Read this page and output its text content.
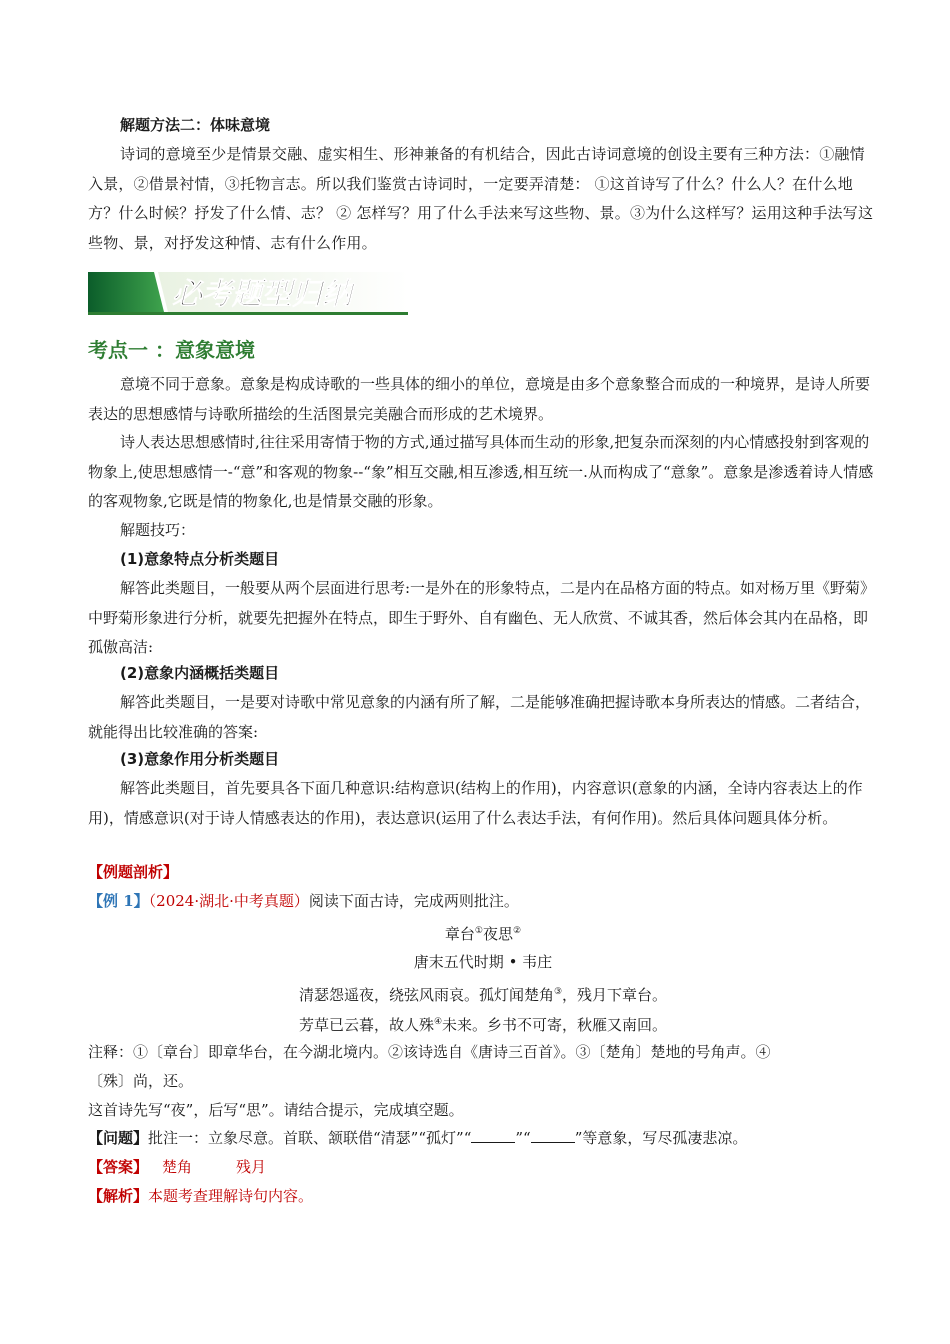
解题方法二：体味意境
诗词的意境至少是情景交融、虚实相生、形神兼备的有机结合，因此古诗词意境的创设主要有三种方法：①融情入景，②借景衬情，③托物言志。所以我们鉴赏古诗词时，一定要弄清楚： ①这首诗写了什么？什么人？在什么地方？什么时候？抒发了什么情、志？ ② 怎样写？用了什么手法来写这些物、景。③为什么这样写？运用这种手法写这些物、景，对抒发这种情、志有什么作用。
必考题型归纳
考点一 ：意象意境
意境不同于意象。意象是构成诗歌的一些具体的细小的单位，意境是由多个意象整合而成的一种境界，是诗人所要表达的思想感情与诗歌所描绘的生活图景完美融合而形成的艺术境界。
诗人表达思想感情时,往往采用寄情于物的方式,通过描写具体而生动的形象,把复杂而深刻的内心情感投射到客观的物象上,使思想感情一-“意”和客观的物象--“象”相互交融,相互渗透,相互统一.从而构成了“意象”。意象是渗透着诗人情感的客观物象,它既是情的物象化,也是情景交融的形象。
解题技巧：
(1)意象特点分析类题目
解答此类题目，一般要从两个层面进行思考:一是外在的形象特点，二是内在品格方面的特点。如对杨万里《野菊》中野菊形象进行分析，就要先把握外在特点，即生于野外、自有幽色、无人欣赏、不诚其香，然后体会其内在品格，即孤傲高洁:
(2)意象内涵概括类题目
解答此类题目，一是要对诗歌中常见意象的内涵有所了解，二是能够准确把握诗歌本身所表达的情感。二者结合，就能得出比较准确的答案:
(3)意象作用分析类题目
解答此类题目，首先要具各下面几种意识:结构意识(结构上的作用)，内容意识(意象的内涵，全诗内容表达上的作用)，情感意识(对于诗人情感表达的作用)，表达意识(运用了什么表达手法，有何作用)。然后具体问题具体分析。
【例题剖析】
【例 1】（2024·湖北·中考真题）阅读下面古诗，完成两则批注。
章台①夜思②
唐末五代时期 • 韦庄
清瑟怨遥夜，绕弦风雨哀。孤灯闻楚角③，残月下章台。
芳草已云暮，故人殊④未来。乡书不可寄，秋雁又南回。
注释：①〔章台〕即章华台，在今湖北境内。②该诗选自《唐诗三百首》。③〔楚角〕楚地的号角声。④
〔殊〕尚，还。
这首诗先写“夜”，后写“思”。请结合提示，完成填空题。
【问题】批注一：立象尽意。首联、颔联借“清瑟”“孤灯”“	”“	”等意象，写尽孤凄悲凉。
【答案】 楚角	残月
【解析】本题考查理解诗句内容。
